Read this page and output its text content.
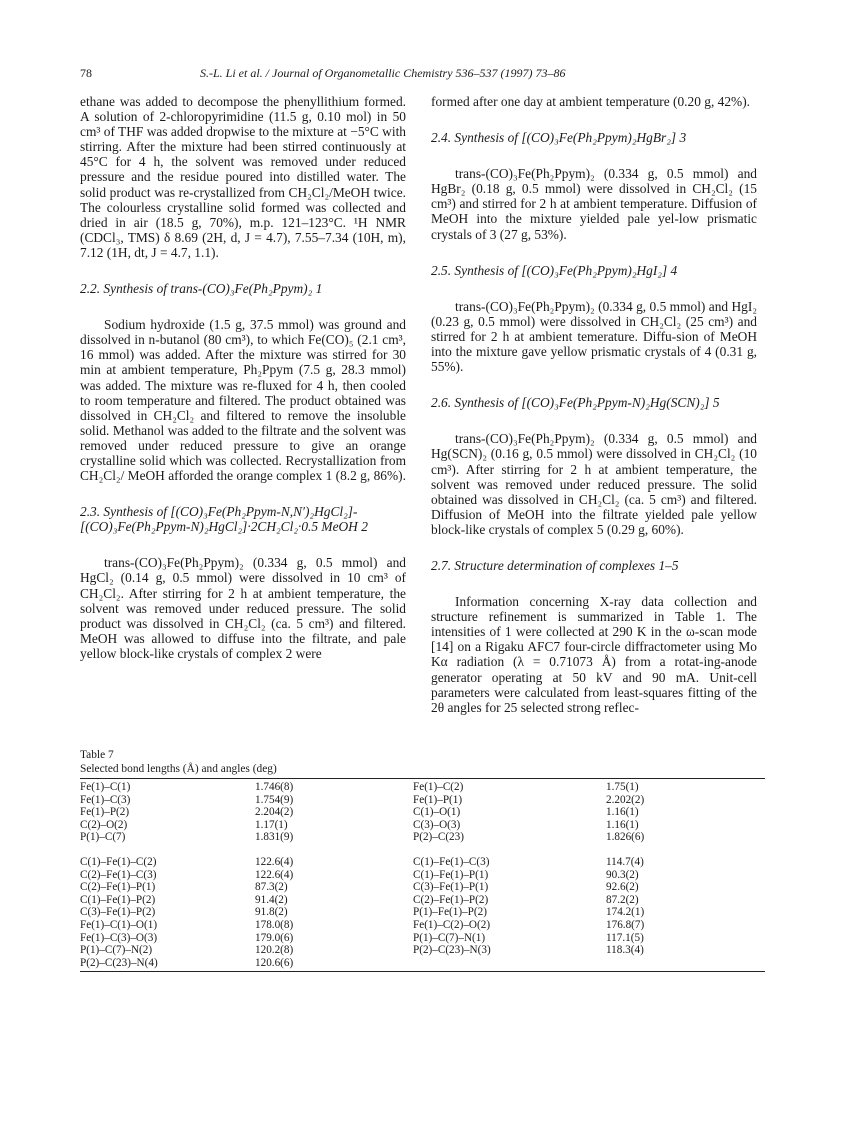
78	S.-L. Li et al. / Journal of Organometallic Chemistry 536–537 (1997) 73–86

ethane was added to decompose the phenyllithium formed. A solution of 2-chloropyrimidine (11.5 g, 0.10 mol) in 50 cm³ of THF was added dropwise to the mixture at −5°C with stirring. After the mixture had been stirred continuously at 45°C for 4 h, the solvent was removed under reduced pressure and the residue poured into distilled water. The solid product was re-crystallized from CH₂Cl₂/MeOH twice. The colourless crystalline solid formed was collected and dried in air (18.5 g, 70%), m.p. 121–123°C. ¹H NMR (CDCl₃, TMS) δ 8.69 (2H, d, J = 4.7), 7.55–7.34 (10H, m), 7.12 (1H, dt, J = 4.7, 1.1).

2.2. Synthesis of trans-(CO)₃Fe(Ph₂Ppym)₂ 1

Sodium hydroxide (1.5 g, 37.5 mmol) was ground and dissolved in n-butanol (80 cm³), to which Fe(CO)₅ (2.1 cm³, 16 mmol) was added. After the mixture was stirred for 30 min at ambient temperature, Ph₂Ppym (7.5 g, 28.3 mmol) was added. The mixture was re-fluxed for 4 h, then cooled to room temperature and filtered. The product obtained was dissolved in CH₂Cl₂ and filtered to remove the insoluble solid. Methanol was added to the filtrate and the solvent was removed under reduced pressure to give an orange crystalline solid which was collected. Recrystallization from CH₂Cl₂/ MeOH afforded the orange complex 1 (8.2 g, 86%).

2.3. Synthesis of [(CO)₃Fe(Ph₂Ppym-N,N′)₂HgCl₂]-[(CO)₃Fe(Ph₂Ppym-N)₂HgCl₂]·2CH₂Cl₂·0.5 MeOH 2

trans-(CO)₃Fe(Ph₂Ppym)₂ (0.334 g, 0.5 mmol) and HgCl₂ (0.14 g, 0.5 mmol) were dissolved in 10 cm³ of CH₂Cl₂. After stirring for 2 h at ambient temperature, the solvent was removed under reduced pressure. The solid product was dissolved in CH₂Cl₂ (ca. 5 cm³) and filtered. MeOH was allowed to diffuse into the filtrate, and pale yellow block-like crystals of complex 2 were

formed after one day at ambient temperature (0.20 g, 42%).

2.4. Synthesis of [(CO)₃Fe(Ph₂Ppym)₂HgBr₂] 3

trans-(CO)₃Fe(Ph₂Ppym)₂ (0.334 g, 0.5 mmol) and HgBr₂ (0.18 g, 0.5 mmol) were dissolved in CH₂Cl₂ (15 cm³) and stirred for 2 h at ambient temperature. Diffusion of MeOH into the mixture yielded pale yel-low prismatic crystals of 3 (27 g, 53%).

2.5. Synthesis of [(CO)₃Fe(Ph₂Ppym)₂HgI₂] 4

trans-(CO)₃Fe(Ph₂Ppym)₂ (0.334 g, 0.5 mmol) and HgI₂ (0.23 g, 0.5 mmol) were dissolved in CH₂Cl₂ (25 cm³) and stirred for 2 h at ambient temerature. Diffu-sion of MeOH into the mixture gave yellow prismatic crystals of 4 (0.31 g, 55%).

2.6. Synthesis of [(CO)₃Fe(Ph₂Ppym-N)₂Hg(SCN)₂] 5

trans-(CO)₃Fe(Ph₂Ppym)₂ (0.334 g, 0.5 mmol) and Hg(SCN)₂ (0.16 g, 0.5 mmol) were dissolved in CH₂Cl₂ (10 cm³). After stirring for 2 h at ambient temperature, the solvent was removed under reduced pressure. The solid obtained was dissolved in CH₂Cl₂ (ca. 5 cm³) and filtered. Diffusion of MeOH into the filtrate yielded pale yellow block-like crystals of complex 5 (0.29 g, 60%).

2.7. Structure determination of complexes 1–5

Information concerning X-ray data collection and structure refinement is summarized in Table 1. The intensities of 1 were collected at 290 K in the ω-scan mode [14] on a Rigaku AFC7 four-circle diffractometer using Mo Kα radiation (λ = 0.71073 Å) from a rotat-ing-anode generator operating at 50 kV and 90 mA. Unit-cell parameters were calculated from least-squares fitting of the 2θ angles for 25 selected strong reflec-

Table 7
Selected bond lengths (Å) and angles (deg)
Fe(1)–C(1)	1.746(8)	Fe(1)–C(2)	1.75(1)
Fe(1)–C(3)	1.754(9)	Fe(1)–P(1)	2.202(2)
Fe(1)–P(2)	2.204(2)	C(1)–O(1)	1.16(1)
C(2)–O(2)	1.17(1)	C(3)–O(3)	1.16(1)
P(1)–C(7)	1.831(9)	P(2)–C(23)	1.826(6)

C(1)–Fe(1)–C(2)	122.6(4)	C(1)–Fe(1)–C(3)	114.7(4)
C(2)–Fe(1)–C(3)	122.6(4)	C(1)–Fe(1)–P(1)	90.3(2)
C(2)–Fe(1)–P(1)	87.3(2)	C(3)–Fe(1)–P(1)	92.6(2)
C(1)–Fe(1)–P(2)	91.4(2)	C(2)–Fe(1)–P(2)	87.2(2)
C(3)–Fe(1)–P(2)	91.8(2)	P(1)–Fe(1)–P(2)	174.2(1)
Fe(1)–C(1)–O(1)	178.0(8)	Fe(1)–C(2)–O(2)	176.8(7)
Fe(1)–C(3)–O(3)	179.0(6)	P(1)–C(7)–N(1)	117.1(5)
P(1)–C(7)–N(2)	120.2(8)	P(2)–C(23)–N(3)	118.3(4)
P(2)–C(23)–N(4)	120.6(6)		
